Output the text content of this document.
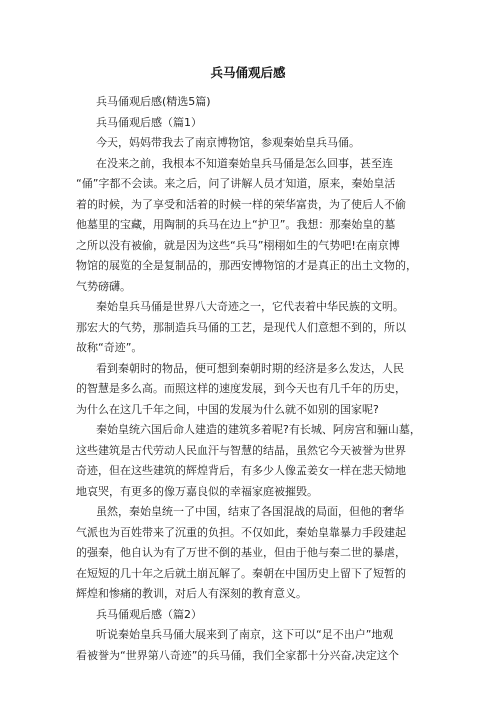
兵马俑观后感
兵马俑观后感(精选5篇)
兵马俑观后感（篇1）
今天，妈妈带我去了南京博物馆，参观秦始皇兵马俑。
在没来之前，我根本不知道秦始皇兵马俑是怎么回事，甚至连
“俑”字都不会读。来之后，问了讲解人员才知道，原来，秦始皇活
着的时候，为了享受和活着的时候一样的荣华富贵，为了使后人不偷
他墓里的宝藏，用陶制的兵马在边上“护卫”。我想：那秦始皇的墓
之所以没有被偷，就是因为这些“兵马”栩栩如生的气势吧!在南京博
物馆的展览的全是复制品的，那西安博物馆的才是真正的出土文物的，
气势磅礴。
秦始皇兵马俑是世界八大奇迹之一，它代表着中华民族的文明。
那宏大的气势，那制造兵马俑的工艺，是现代人们意想不到的，所以
故称“奇迹”。
看到秦朝时的物品，便可想到秦朝时期的经济是多么发达，人民
的智慧是多么高。而照这样的速度发展，到今天也有几千年的历史，
为什么在这几千年之间，中国的发展为什么就不如别的国家呢?
秦始皇统六国后命人建造的建筑多着呢?有长城、阿房宫和骊山墓，
这些建筑是古代劳动人民血汗与智慧的结晶，虽然它今天被誉为世界
奇迹，但在这些建筑的辉煌背后，有多少人像孟姜女一样在悲天恸地
地哀哭，有更多的像万嘉良似的幸福家庭被摧毁。
虽然，秦始皇统一了中国，结束了各国混战的局面，但他的奢华
气派也为百姓带来了沉重的负担。不仅如此，秦始皇靠暴力手段建起
的强秦，他自认为有了万世不倒的基业，但由于他与秦二世的暴虐，
在短短的几十年之后就土崩瓦解了。秦朝在中国历史上留下了短暂的
辉煌和惨痛的教训，对后人有深刻的教育意义。
兵马俑观后感（篇2）
听说秦始皇兵马俑大展来到了南京，这下可以“足不出户”地观
看被誉为“世界第八奇迹”的兵马俑，我们全家都十分兴奋,决定这个
